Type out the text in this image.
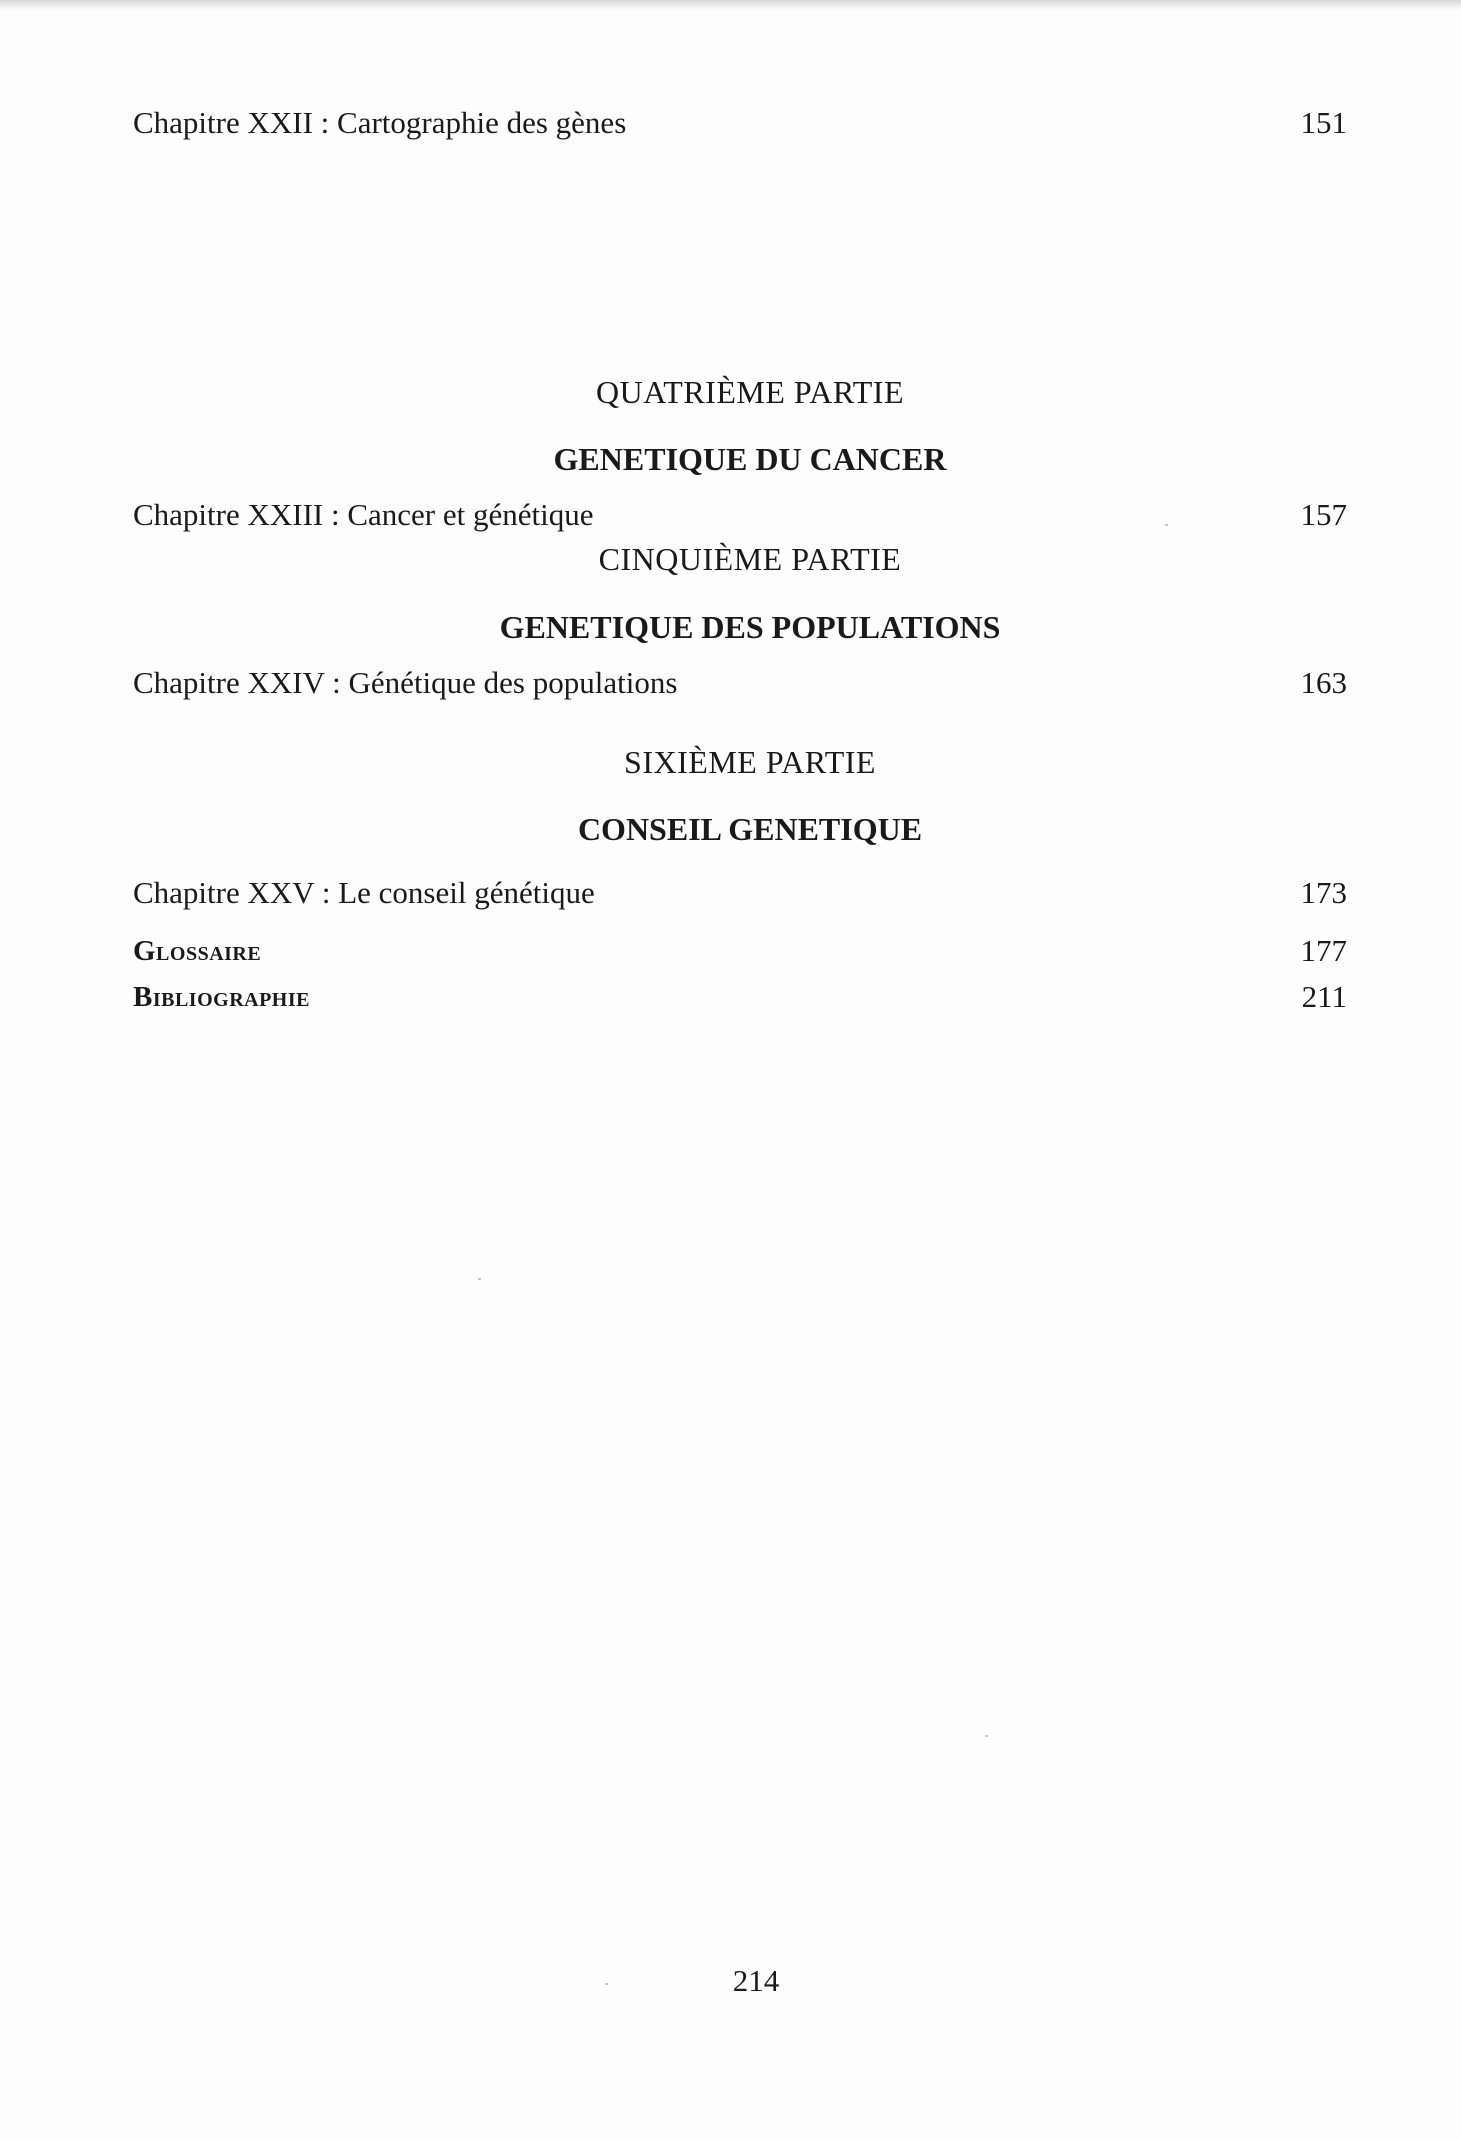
Chapitre XXII : Cartographie des gènes	151
QUATRIÈME PARTIE
GENETIQUE DU CANCER
Chapitre XXIII : Cancer et génétique	157
CINQUIÈME PARTIE
GENETIQUE DES POPULATIONS
Chapitre XXIV : Génétique des populations	163
SIXIÈME PARTIE
CONSEIL GENETIQUE
Chapitre XXV : Le conseil génétique	173
Glossaire	177
Bibliographie	211
214
